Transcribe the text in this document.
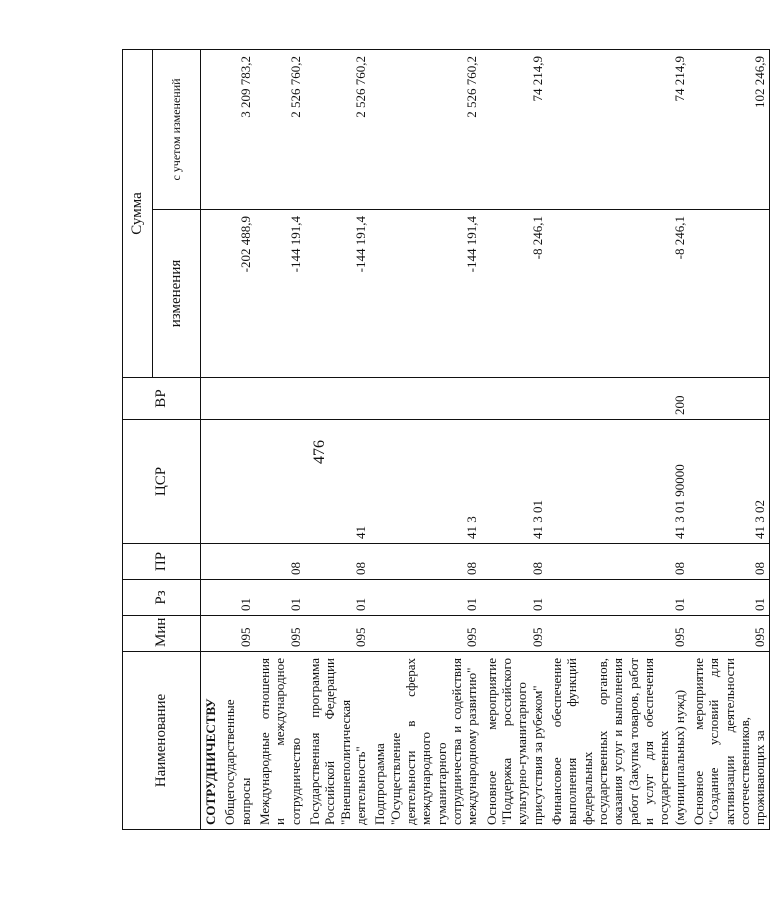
476
Наименование	Мин	Рз	ПР	ЦСР	ВР	Сумма	
						изменения	с учетом изменений
СОТРУДНИЧЕСТВУ							
Общегосударственные вопросы	095	01				-202 488,9	3 209 783,2
Международные отношения и международное сотрудничество	095	01	08			-144 191,4	2 526 760,2
Государственная программа Российской Федерации "Внешнеполитическая деятельность"	095	01	08	41		-144 191,4	2 526 760,2
Подпрограмма "Осуществление деятельности в сферах международного гуманитарного сотрудничества и содействия международному развитию"	095	01	08	41 3		-144 191,4	2 526 760,2
Основное мероприятие "Поддержка российского культурно-гуманитарного присутствия за рубежом"	095	01	08	41 3 01		-8 246,1	74 214,9
Финансовое обеспечение выполнения функций федеральных государственных органов, оказания услуг и выполнения работ (Закупка товаров, работ и услуг для обеспечения государственных (муниципальных) нужд)	095	01	08	41 3 01 90000	200	-8 246,1	74 214,9
Основное мероприятие "Создание условий для активизации деятельности соотечественников, проживающих за	095	01	08	41 3 02			102 246,9
